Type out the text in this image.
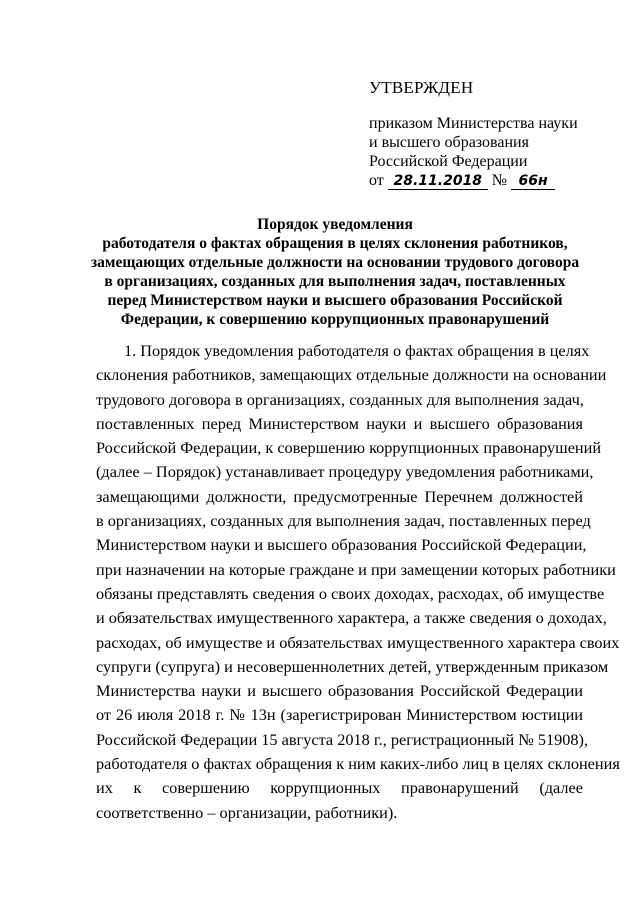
УТВЕРЖДЕН
приказом Министерства науки
и высшего образования
Российской Федерации
от 28.11.2018 № 66н
Порядок уведомления
работодателя о фактах обращения в целях склонения работников,
замещающих отдельные должности на основании трудового договора
в организациях, созданных для выполнения задач, поставленных
перед Министерством науки и высшего образования Российской
Федерации, к совершению коррупционных правонарушений
1. Порядок уведомления работодателя о фактах обращения в целях
склонения работников, замещающих отдельные должности на основании
трудового договора в организациях, созданных для выполнения задач,
поставленных перед Министерством науки и высшего образования
Российской Федерации, к совершению коррупционных правонарушений
(далее – Порядок) устанавливает процедуру уведомления работниками,
замещающими должности, предусмотренные Перечнем должностей
в организациях, созданных для выполнения задач, поставленных перед
Министерством науки и высшего образования Российской Федерации,
при назначении на которые граждане и при замещении которых работники
обязаны представлять сведения о своих доходах, расходах, об имуществе
и обязательствах имущественного характера, а также сведения о доходах,
расходах, об имуществе и обязательствах имущественного характера своих
супруги (супруга) и несовершеннолетних детей, утвержденным приказом
Министерства науки и высшего образования Российской Федерации
от 26 июля 2018 г. № 13н (зарегистрирован Министерством юстиции
Российской Федерации 15 августа 2018 г., регистрационный № 51908),
работодателя о фактах обращения к ним каких-либо лиц в целях склонения
их к совершению коррупционных правонарушений (далее
соответственно – организации, работники).
